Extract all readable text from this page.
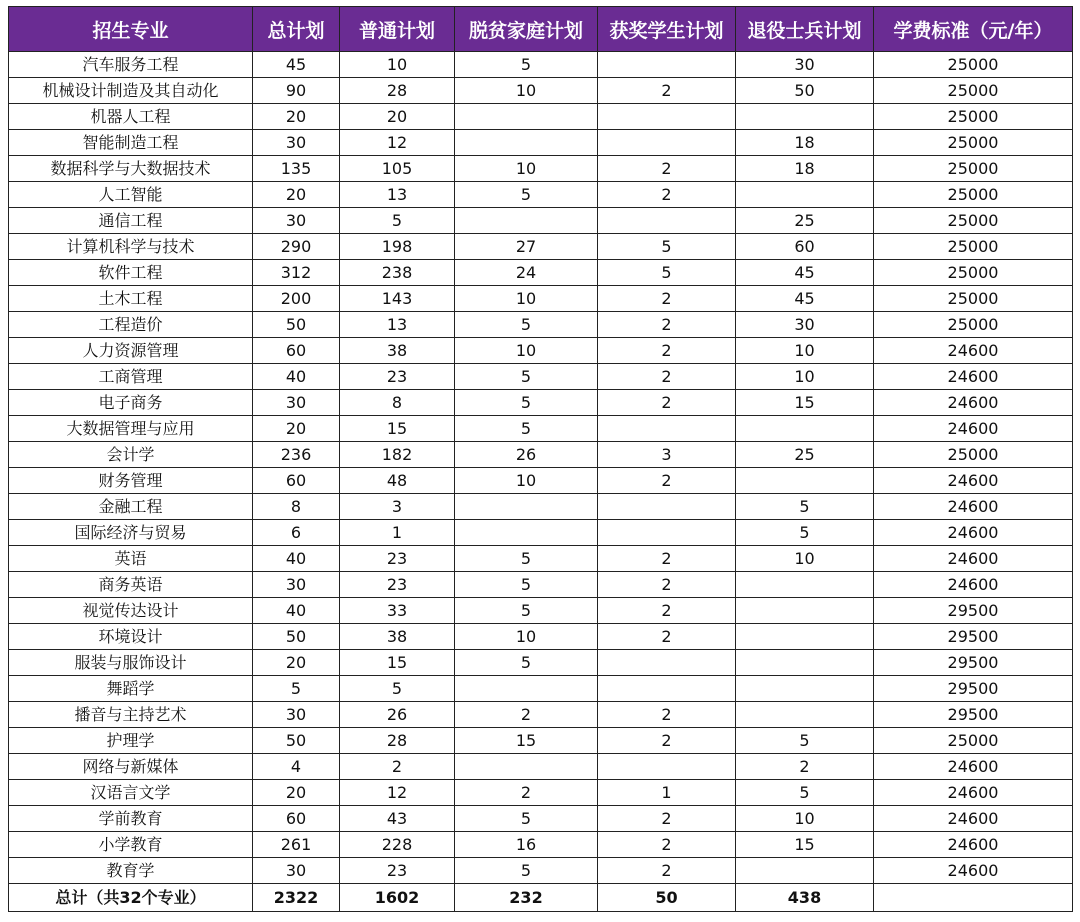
招生专业	总计划	普通计划	脱贫家庭计划	获奖学生计划	退役士兵计划	学费标准（元/年）
汽车服务工程	45	10	5		30	25000
机械设计制造及其自动化	90	28	10	2	50	25000
机器人工程	20	20				25000
智能制造工程	30	12			18	25000
数据科学与大数据技术	135	105	10	2	18	25000
人工智能	20	13	5	2		25000
通信工程	30	5			25	25000
计算机科学与技术	290	198	27	5	60	25000
软件工程	312	238	24	5	45	25000
土木工程	200	143	10	2	45	25000
工程造价	50	13	5	2	30	25000
人力资源管理	60	38	10	2	10	24600
工商管理	40	23	5	2	10	24600
电子商务	30	8	5	2	15	24600
大数据管理与应用	20	15	5			24600
会计学	236	182	26	3	25	25000
财务管理	60	48	10	2		24600
金融工程	8	3			5	24600
国际经济与贸易	6	1			5	24600
英语	40	23	5	2	10	24600
商务英语	30	23	5	2		24600
视觉传达设计	40	33	5	2		29500
环境设计	50	38	10	2		29500
服装与服饰设计	20	15	5			29500
舞蹈学	5	5				29500
播音与主持艺术	30	26	2	2		29500
护理学	50	28	15	2	5	25000
网络与新媒体	4	2			2	24600
汉语言文学	20	12	2	1	5	24600
学前教育	60	43	5	2	10	24600
小学教育	261	228	16	2	15	24600
教育学	30	23	5	2		24600
总计（共32个专业）	2322	1602	232	50	438	
